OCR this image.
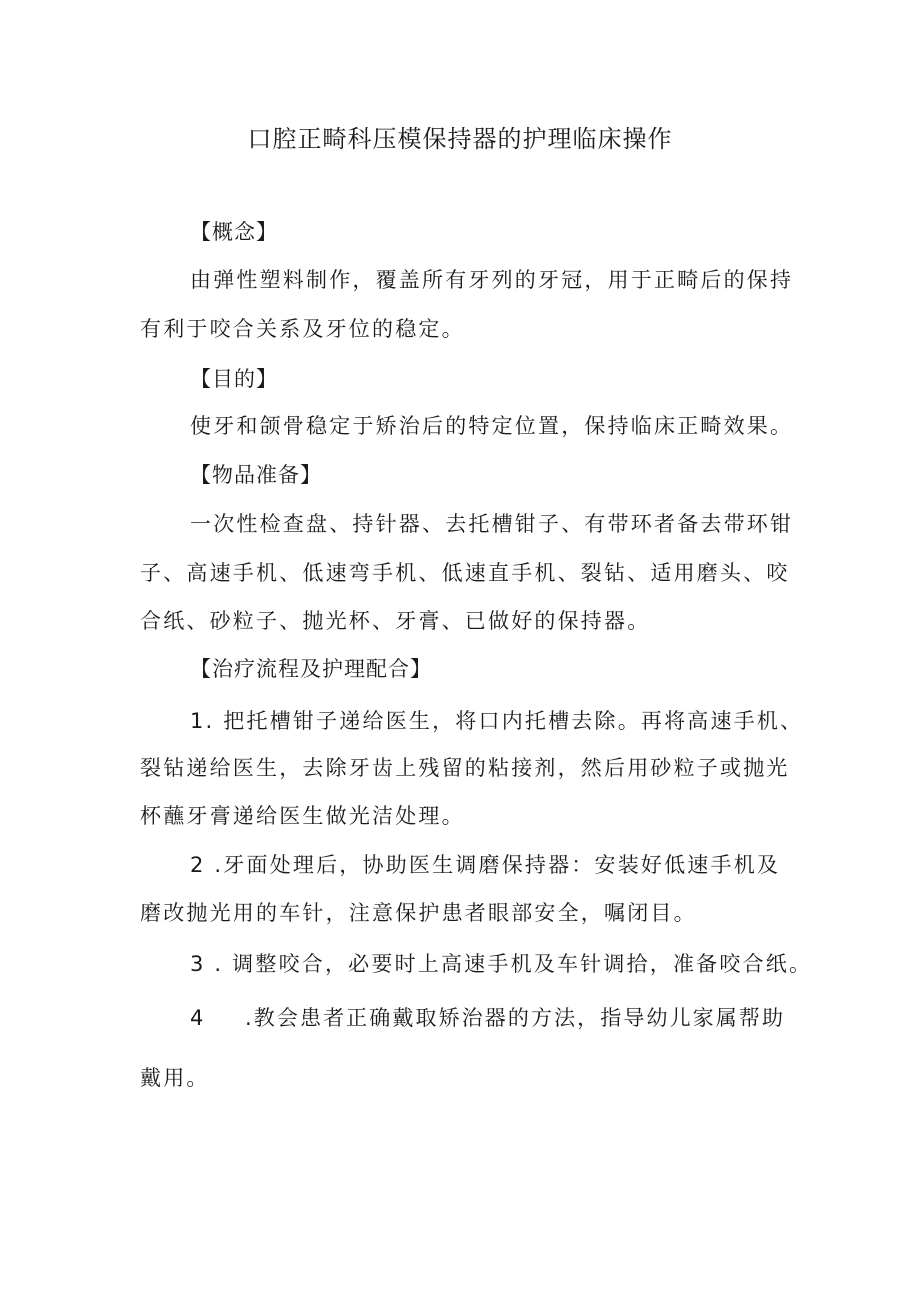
口腔正畸科压模保持器的护理临床操作
【概念】
由弹性塑料制作，覆盖所有牙列的牙冠，用于正畸后的保持
有利于咬合关系及牙位的稳定。
【目的】
使牙和颌骨稳定于矫治后的特定位置，保持临床正畸效果。
【物品准备】
一次性检查盘、持针器、去托槽钳子、有带环者备去带环钳
子、高速手机、低速弯手机、低速直手机、裂钻、适用磨头、咬
合纸、砂粒子、抛光杯、牙膏、已做好的保持器。
【治疗流程及护理配合】
1. 把托槽钳子递给医生，将口内托槽去除。再将高速手机、
裂钻递给医生，去除牙齿上残留的粘接剂，然后用砂粒子或抛光
杯蘸牙膏递给医生做光洁处理。
2 .牙面处理后，协助医生调磨保持器：安装好低速手机及
磨改抛光用的车针，注意保护患者眼部安全，嘱闭目。
3 . 调整咬合，必要时上高速手机及车针调拾，准备咬合纸。
4 .教会患者正确戴取矫治器的方法，指导幼儿家属帮助
戴用。
